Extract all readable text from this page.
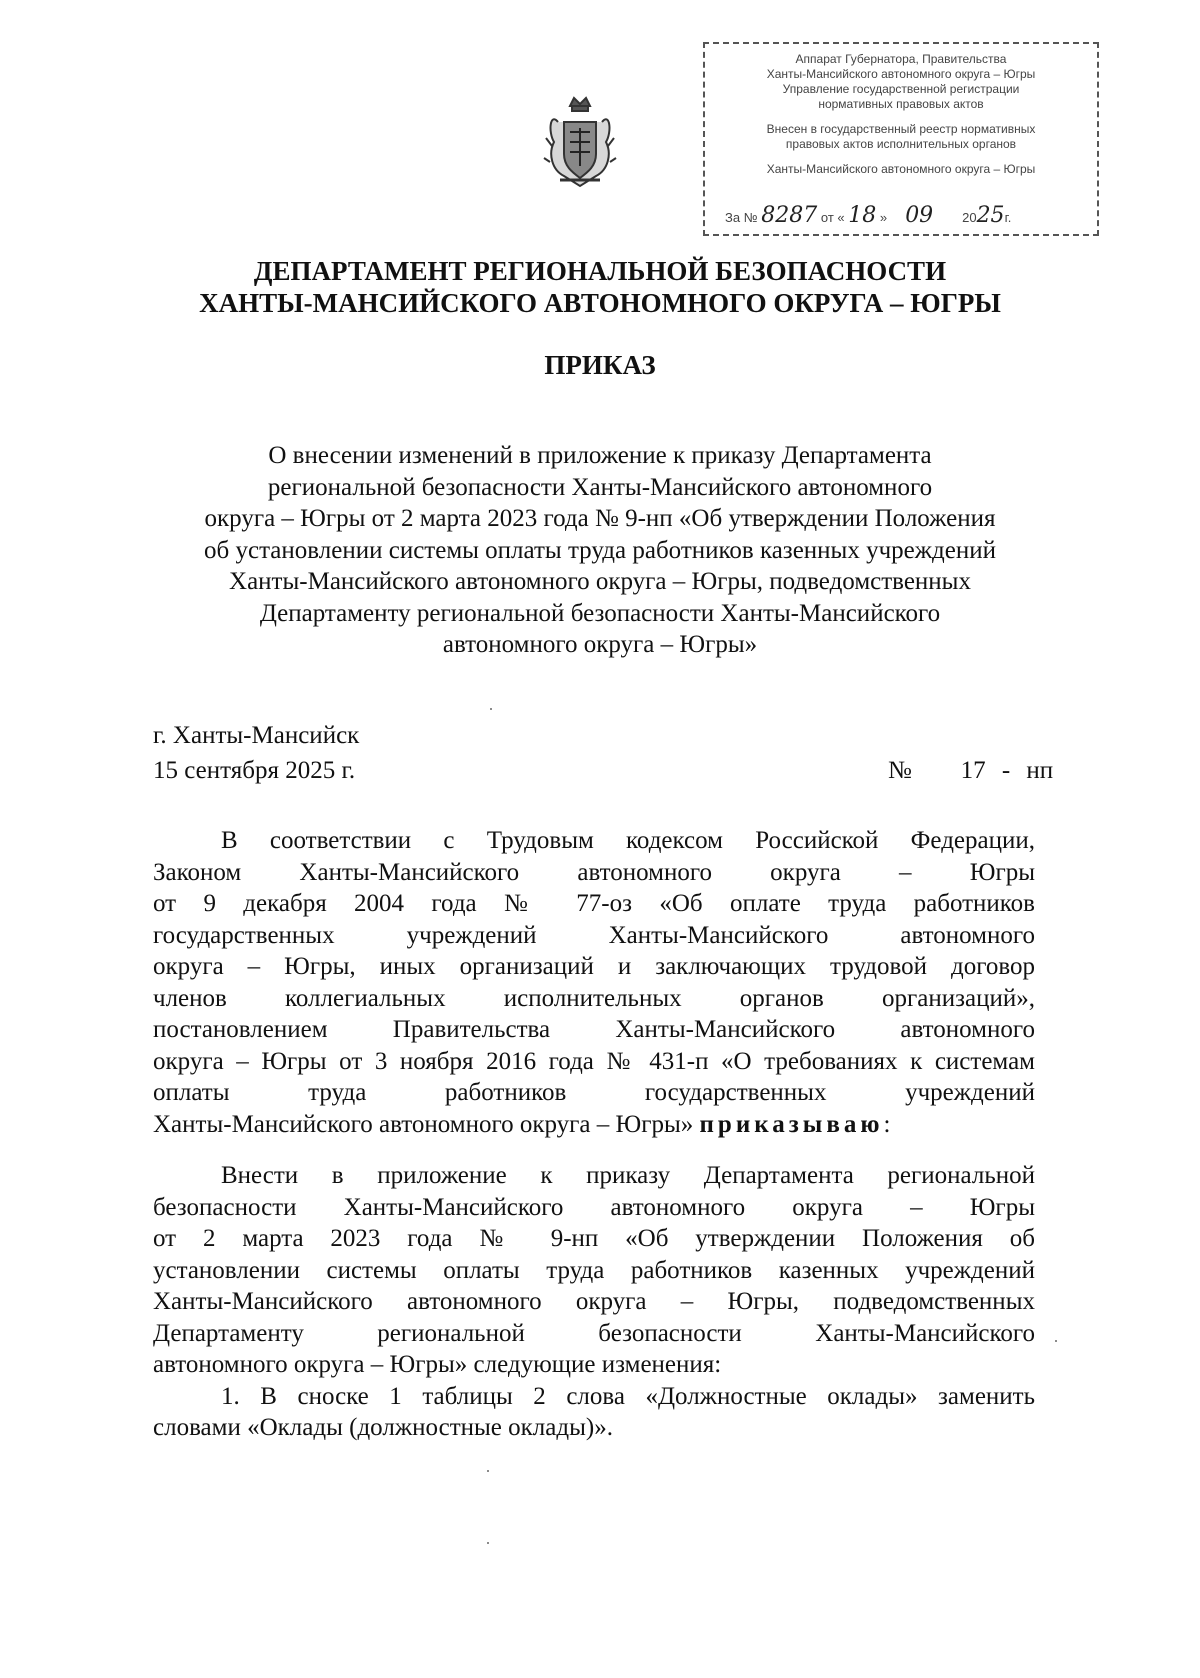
Аппарат Губернатора, Правительства
Ханты-Мансийского автономного округа – Югры
Управление государственной регистрации
нормативных правовых актов
Внесен в государственный реестр нормативных
правовых актов исполнительных органов
Ханты-Мансийского автономного округа – Югры
За № 8287 от « 18 » 09 2025г.
ДЕПАРТАМЕНТ РЕГИОНАЛЬНОЙ БЕЗОПАСНОСТИ
ХАНТЫ-МАНСИЙСКОГО АВТОНОМНОГО ОКРУГА – ЮГРЫ
ПРИКАЗ
О внесении изменений в приложение к приказу Департамента
региональной безопасности Ханты-Мансийского автономного
округа – Югры от 2 марта 2023 года № 9-нп «Об утверждении Положения
об установлении системы оплаты труда работников казенных учреждений
Ханты-Мансийского автономного округа – Югры, подведомственных
Департаменту региональной безопасности Ханты-Мансийского
автономного округа – Югры»
г. Ханты-Мансийск
15 сентября 2025 г.	№   17 - нп
В соответствии с Трудовым кодексом Российской Федерации,
Законом Ханты-Мансийского автономного округа – Югры
от 9 декабря 2004 года № 77-оз «Об оплате труда работников
государственных учреждений Ханты-Мансийского автономного
округа – Югры, иных организаций и заключающих трудовой договор
членов коллегиальных исполнительных органов организаций»,
постановлением Правительства Ханты-Мансийского автономного
округа – Югры от 3 ноября 2016 года № 431-п «О требованиях к системам
оплаты труда работников государственных учреждений
Ханты-Мансийского автономного округа – Югры» приказываю:
Внести в приложение к приказу Департамента региональной
безопасности Ханты-Мансийского автономного округа – Югры
от 2 марта 2023 года № 9-нп «Об утверждении Положения об
установлении системы оплаты труда работников казенных учреждений
Ханты-Мансийского автономного округа – Югры, подведомственных
Департаменту региональной безопасности Ханты-Мансийского
автономного округа – Югры» следующие изменения:
1. В сноске 1 таблицы 2 слова «Должностные оклады» заменить
словами «Оклады (должностные оклады)».
